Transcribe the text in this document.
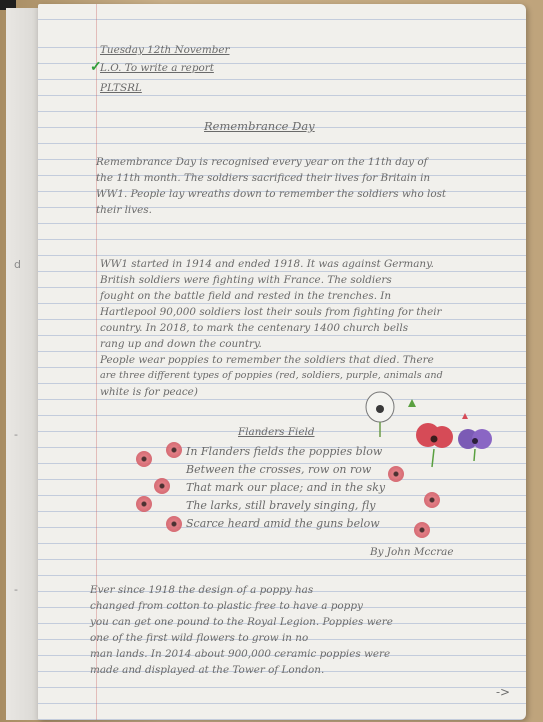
d
-
-

Tuesday 12th November

✓

L.O. To write a report

PLTSRL

Remembrance Day

Remembrance Day is recognised every year on the 11th day of
the 11th month. The soldiers sacrificed their lives for Britain in
WW1. People lay wreaths down to remember the soldiers who lost
their lives.
WW1 started in 1914 and ended 1918. It was against Germany.
British soldiers were fighting with France. The soldiers
fought on the battle field and rested in the trenches. In
Hartlepool 90,000 soldiers lost their souls from fighting for their
country. In 2018, to mark the centenary 1400 church bells
rang up and down the country.
People wear poppies to remember the soldiers that died. There
are three different types of poppies (red, soldiers, purple, animals and
white is for peace)

Flanders Field

In Flanders fields the poppies blow
Between the crosses, row on row
That mark our place; and in the sky
The larks, still bravely singing, fly
Scarce heard amid the guns below

By John Mccrae

Ever since 1918 the design of a poppy has
changed from cotton to plastic free to have a poppy
you can get one pound to the Royal Legion. Poppies were
one of the first wild flowers to grow in no
man lands. In 2014 about 900,000 ceramic poppies were
made and displayed at the Tower of London.

->
